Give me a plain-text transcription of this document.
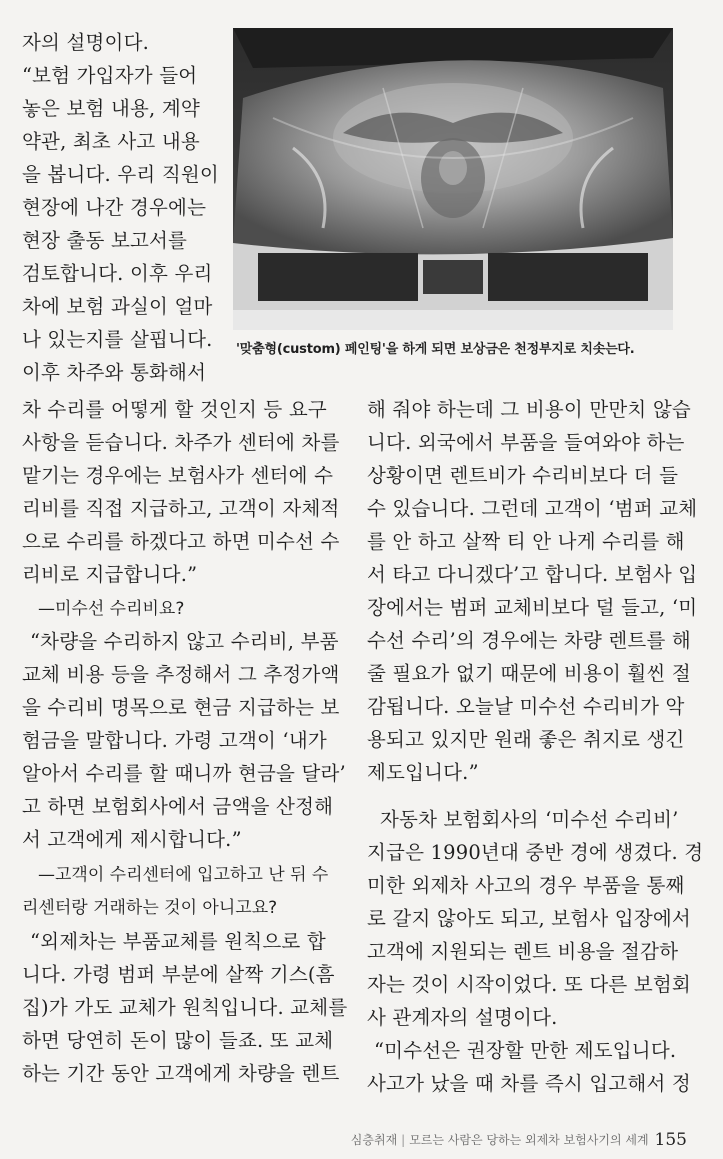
'맞춤형(custom) 페인팅'을 하게 되면 보상금은 천정부지로 치솟는다.
자의 설명이다.
“보험 가입자가 들어
놓은 보험 내용, 계약
약관, 최초 사고 내용
을 봅니다. 우리 직원이
현장에 나간 경우에는
현장 출동 보고서를
검토합니다. 이후 우리
차에 보험 과실이 얼마
나 있는지를 살핍니다.
이후 차주와 통화해서
차 수리를 어떻게 할 것인지 등 요구
사항을 듣습니다. 차주가 센터에 차를
맡기는 경우에는 보험사가 센터에 수
리비를 직접 지급하고, 고객이 자체적
으로 수리를 하겠다고 하면 미수선 수
리비로 지급합니다.”
—미수선 수리비요?
“차량을 수리하지 않고 수리비, 부품
교체 비용 등을 추정해서 그 추정가액
을 수리비 명목으로 현금 지급하는 보
험금을 말합니다. 가령 고객이 ‘내가
알아서 수리를 할 때니까 현금을 달라’
고 하면 보험회사에서 금액을 산정해
서 고객에게 제시합니다.”
—고객이 수리센터에 입고하고 난 뒤 수
리센터랑 거래하는 것이 아니고요?
“외제차는 부품교체를 원칙으로 합
니다. 가령 범퍼 부분에 살짝 기스(흠
집)가 가도 교체가 원칙입니다. 교체를
하면 당연히 돈이 많이 들죠. 또 교체
하는 기간 동안 고객에게 차량을 렌트
해 줘야 하는데 그 비용이 만만치 않습
니다. 외국에서 부품을 들여와야 하는
상황이면 렌트비가 수리비보다 더 들
수 있습니다. 그런데 고객이 ‘범퍼 교체
를 안 하고 살짝 티 안 나게 수리를 해
서 타고 다니겠다’고 합니다. 보험사 입
장에서는 범퍼 교체비보다 덜 들고, ‘미
수선 수리’의 경우에는 차량 렌트를 해
줄 필요가 없기 때문에 비용이 훨씬 절
감됩니다. 오늘날 미수선 수리비가 악
용되고 있지만 원래 좋은 취지로 생긴
제도입니다.”
자동차 보험회사의 ‘미수선 수리비’
지급은 1990년대 중반 경에 생겼다. 경
미한 외제차 사고의 경우 부품을 통째
로 갈지 않아도 되고, 보험사 입장에서
고객에 지원되는 렌트 비용을 절감하
자는 것이 시작이었다. 또 다른 보험회
사 관계자의 설명이다.
“미수선은 권장할 만한 제도입니다.
사고가 났을 때 차를 즉시 입고해서 정
심층취재 | 모르는 사람은 당하는 외제차 보험사기의 세계 155
